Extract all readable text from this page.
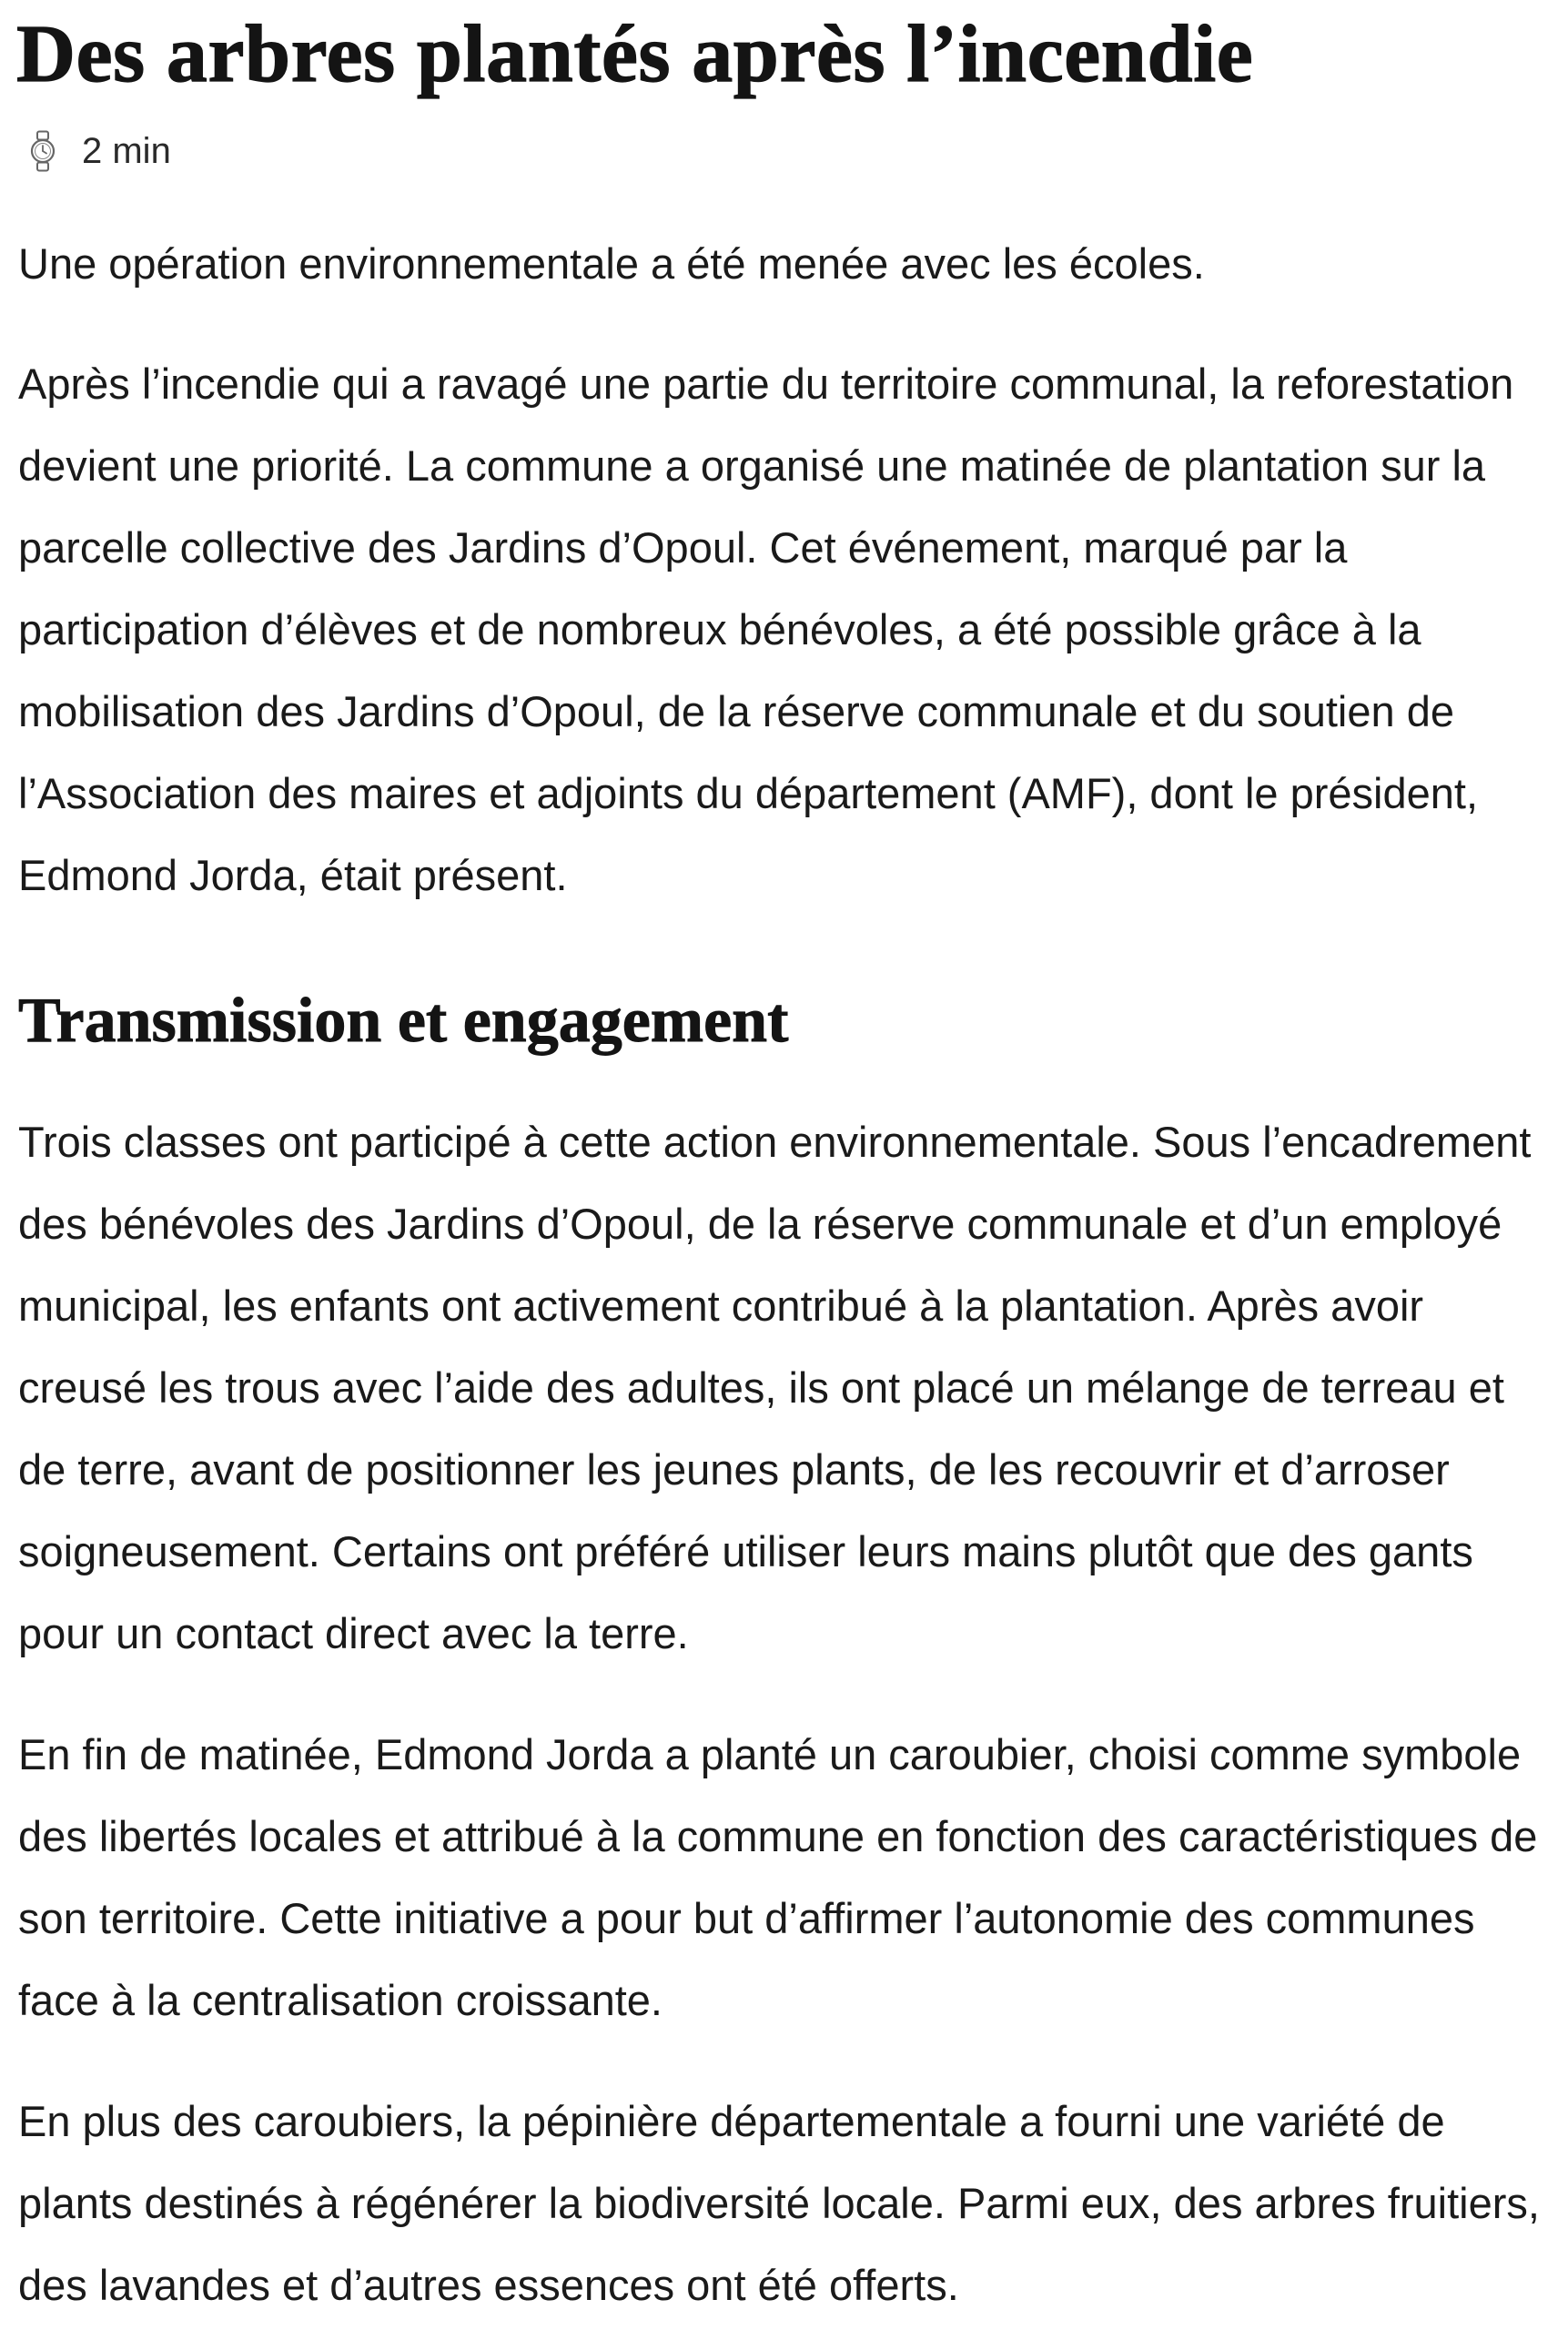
Des arbres plantés après l’incendie
2 min

Une opération environnementale a été menée avec les écoles.

Après l’incendie qui a ravagé une partie du territoire communal, la reforestation
devient une priorité. La commune a organisé une matinée de plantation sur la
parcelle collective des Jardins d’Opoul. Cet événement, marqué par la
participation d’élèves et de nombreux bénévoles, a été possible grâce à la
mobilisation des Jardins d’Opoul, de la réserve communale et du soutien de
l’Association des maires et adjoints du département (AMF), dont le président,
Edmond Jorda, était présent.

Transmission et engagement

Trois classes ont participé à cette action environnementale. Sous l’encadrement
des bénévoles des Jardins d’Opoul, de la réserve communale et d’un employé
municipal, les enfants ont activement contribué à la plantation. Après avoir
creusé les trous avec l’aide des adultes, ils ont placé un mélange de terreau et
de terre, avant de positionner les jeunes plants, de les recouvrir et d’arroser
soigneusement. Certains ont préféré utiliser leurs mains plutôt que des gants
pour un contact direct avec la terre.

En fin de matinée, Edmond Jorda a planté un caroubier, choisi comme symbole
des libertés locales et attribué à la commune en fonction des caractéristiques de
son territoire. Cette initiative a pour but d’affirmer l’autonomie des communes
face à la centralisation croissante.

En plus des caroubiers, la pépinière départementale a fourni une variété de
plants destinés à régénérer la biodiversité locale. Parmi eux, des arbres fruitiers,
des lavandes et d’autres essences ont été offerts.
